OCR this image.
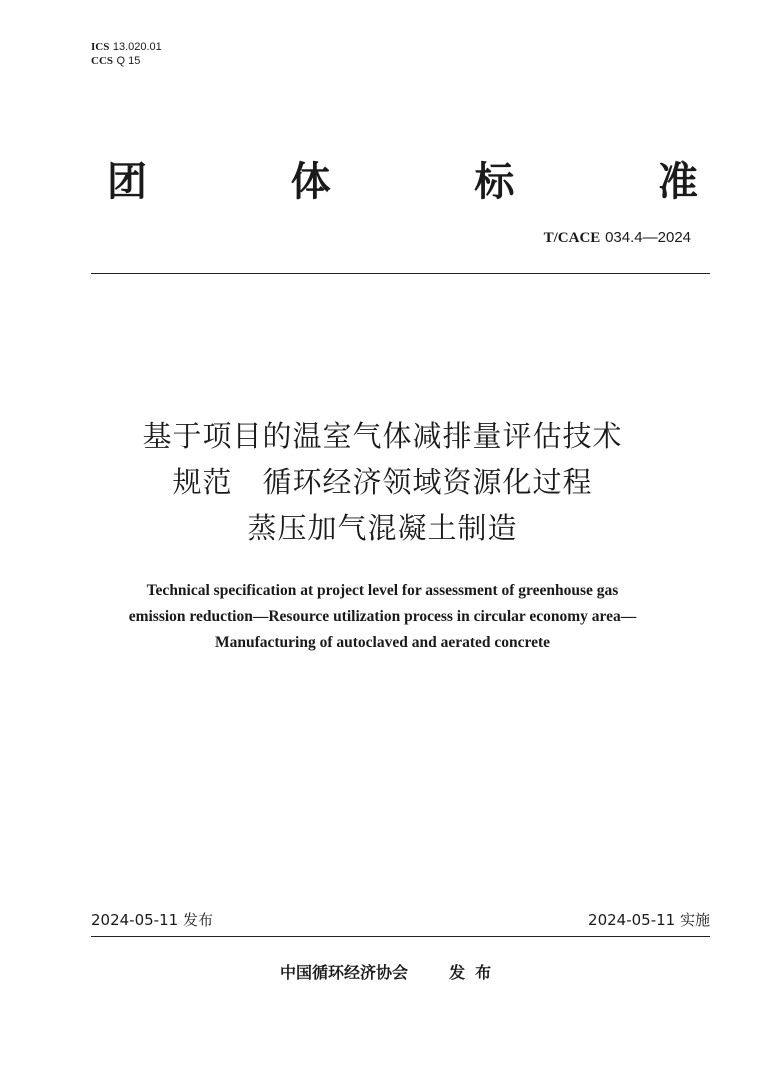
ICS 13.020.01
CCS Q 15
团	体	标	准
T/CACE 034.4—2024
基于项目的温室气体减排量评估技术
规范　循环经济领域资源化过程
蒸压加气混凝土制造
Technical specification at project level for assessment of greenhouse gas
emission reduction—Resource utilization process in circular economy area—
Manufacturing of autoclaved and aerated concrete
2024-05-11 发布	2024-05-11 实施
中国循环经济协会	发布
